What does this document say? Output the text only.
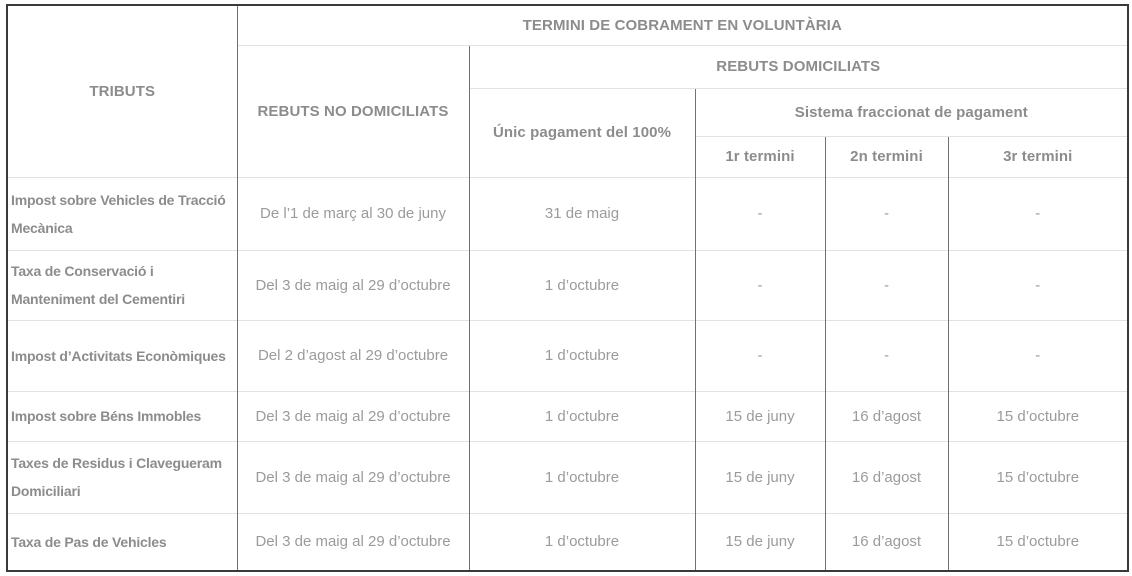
TRIBUTS	TERMINI DE COBRAMENT EN VOLUNTÀRIA				
	REBUTS NO DOMICILIATS	REBUTS DOMICILIATS			
		Únic pagament del 100%	Sistema fraccionat de pagament		
			1r termini	2n termini	3r termini
Impost sobre Vehicles de Tracció Mecànica	De l’1 de març al 30 de juny	31 de maig	-	-	-
Taxa de Conservació i Manteniment del Cementiri	Del 3 de maig al 29 d’octubre	1 d’octubre	-	-	-
Impost d’Activitats Econòmiques	Del 2 d’agost al 29 d’octubre	1 d’octubre	-	-	-
Impost sobre Béns Immobles	Del 3 de maig al 29 d’octubre	1 d’octubre	15 de juny	16 d’agost	15 d’octubre
Taxes de Residus i Clavegueram Domiciliari	Del 3 de maig al 29 d’octubre	1 d’octubre	15 de juny	16 d’agost	15 d’octubre
Taxa de Pas de Vehicles	Del 3 de maig al 29 d’octubre	1 d’octubre	15 de juny	16 d’agost	15 d’octubre
